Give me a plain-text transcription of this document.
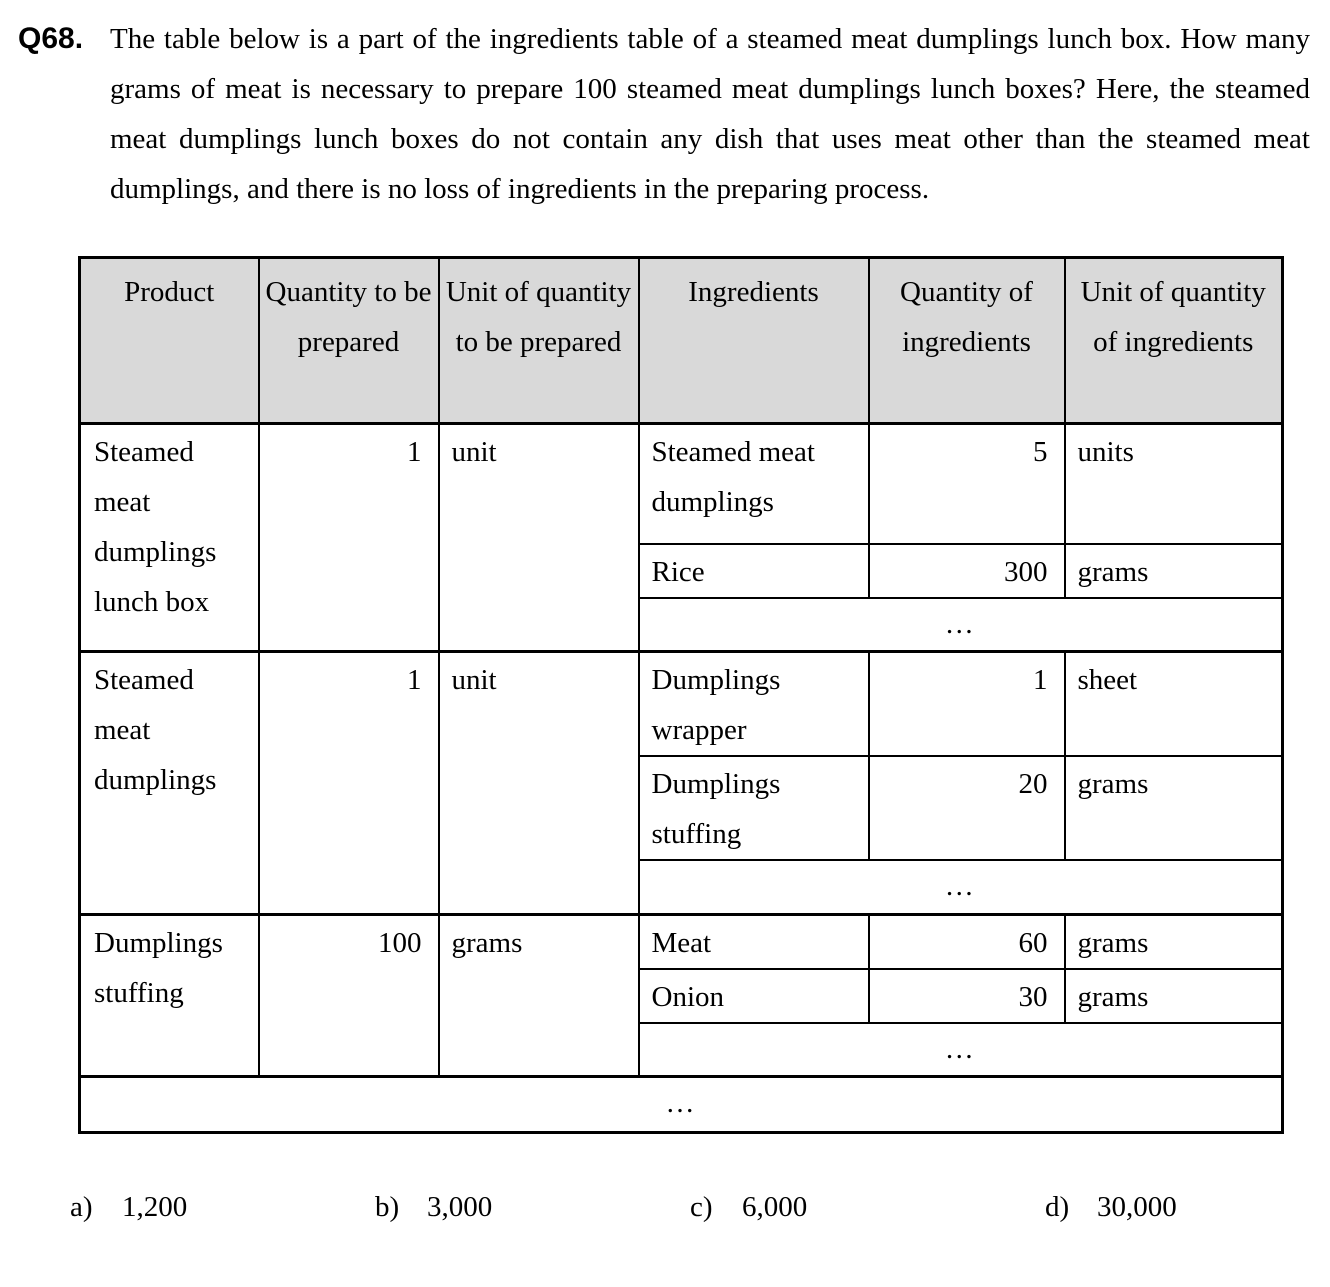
Q68. The table below is a part of the ingredients table of a steamed meat dumplings lunch box. How many grams of meat is necessary to prepare 100 steamed meat dumplings lunch boxes? Here, the steamed meat dumplings lunch boxes do not contain any dish that uses meat other than the steamed meat dumplings, and there is no loss of ingredients in the preparing process.

Product	Quantity to be prepared	Unit of quantity to be prepared	Ingredients	Quantity of ingredients	Unit of quantity of ingredients
Steamed meat dumplings lunch box	1	unit	Steamed meat dumplings	5	units
			Rice	300	grams
			…		
Steamed meat dumplings	1	unit	Dumplings wrapper	1	sheet
			Dumplings stuffing	20	grams
			…		
Dumplings stuffing	100	grams	Meat	60	grams
			Onion	30	grams
			…		
…					
a) 1,200	b) 3,000	c) 6,000	d) 30,000
